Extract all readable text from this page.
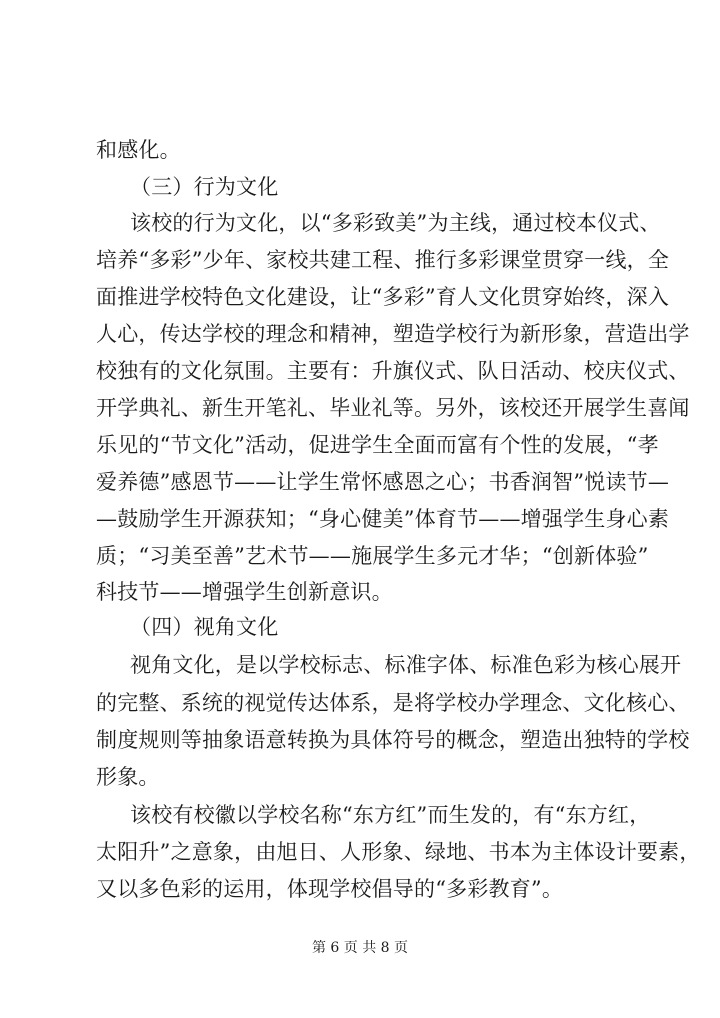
和感化。
（三）行为文化
该校的行为文化，以“多彩致美”为主线，通过校本仪式、
培养“多彩”少年、家校共建工程、推行多彩课堂贯穿一线，全
面推进学校特色文化建设，让“多彩”育人文化贯穿始终，深入
人心，传达学校的理念和精神，塑造学校行为新形象，营造出学
校独有的文化氛围。主要有：升旗仪式、队日活动、校庆仪式、
开学典礼、新生开笔礼、毕业礼等。另外，该校还开展学生喜闻
乐见的“节文化”活动，促进学生全面而富有个性的发展，“孝
爱养德”感恩节——让学生常怀感恩之心；书香润智”悦读节—
—鼓励学生开源获知；“身心健美”体育节——增强学生身心素
质；“习美至善”艺术节——施展学生多元才华；“创新体验”
科技节——增强学生创新意识。
（四）视角文化
视角文化，是以学校标志、标准字体、标准色彩为核心展开
的完整、系统的视觉传达体系，是将学校办学理念、文化核心、
制度规则等抽象语意转换为具体符号的概念，塑造出独特的学校
形象。
该校有校徽以学校名称“东方红”而生发的，有“东方红，
太阳升”之意象，由旭日、人形象、绿地、书本为主体设计要素，
又以多色彩的运用，体现学校倡导的“多彩教育”。
第 6 页 共 8 页
